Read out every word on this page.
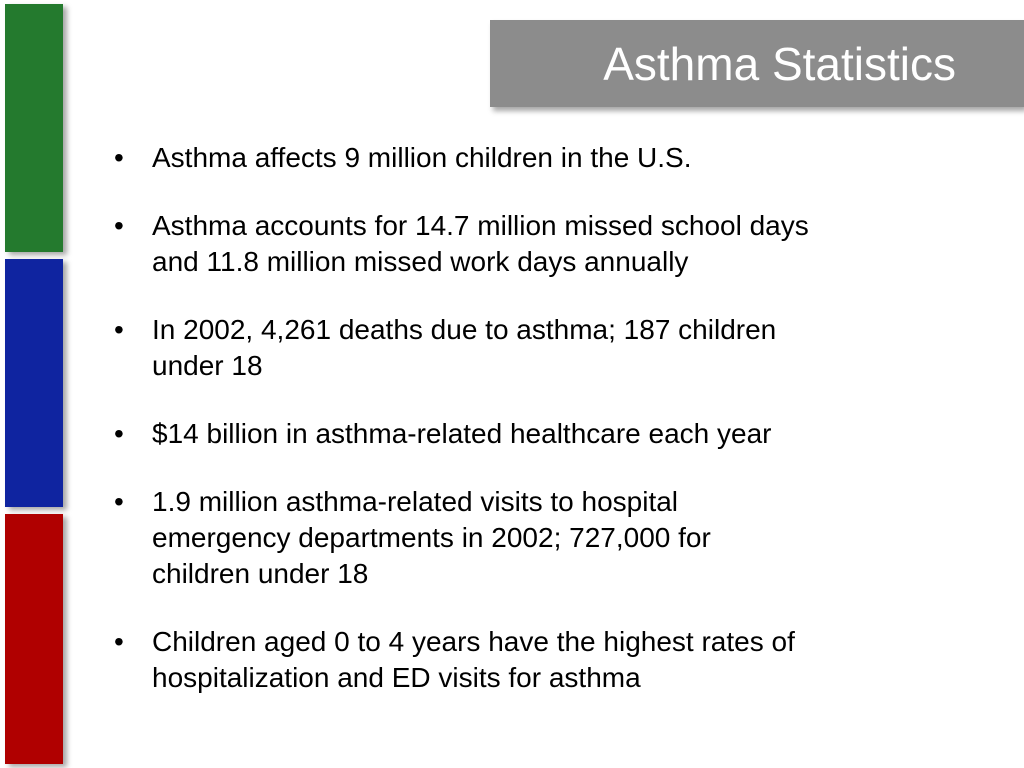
Asthma Statistics
• Asthma affects 9 million children in the U.S.
• Asthma accounts for 14.7 million missed school days
and 11.8 million missed work days annually
• In 2002, 4,261 deaths due to asthma; 187 children
under 18
• $14 billion in asthma-related healthcare each year
• 1.9 million asthma-related visits to hospital
emergency departments in 2002; 727,000 for
children under 18
• Children aged 0 to 4 years have the highest rates of
hospitalization and ED visits for asthma
